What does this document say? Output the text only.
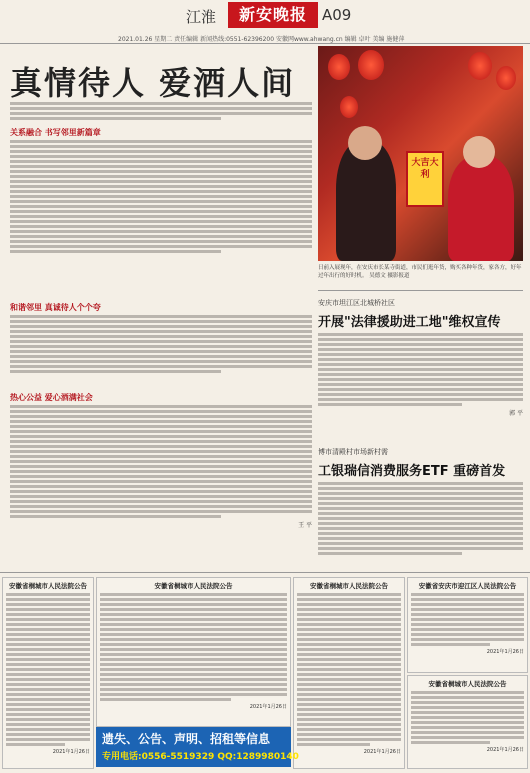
江淮	新安晚报	A09
2021.01.26 星期二 责任编辑 新闻热线:0551-62396200 安徽网www.ahwang.cn 编辑 卓叶 美编 施健萍
真情待人 爱酒人间
关系融合 书写邻里新篇章
和谐邻里 真诚待人个个夸
热心公益 爱心酒满社会
王 平
大吉大利
日前入展现年，在安庆市长某寺街道，市民们逛年货，购买各种年货，家各方，好年过年出行的好时机。 吴德文 摄影报道
安庆市坦江区北城桥社区
开展"法律援助进工地"维权宣传
郭 平
博市清殿村市场新村需
工银瑞信消费服务ETF 重磅首发
安徽省桐城市人民法院公告
2021年1月26日
安徽省桐城市人民法院公告
2021年1月26日
安徽省桐城市人民法院公告
2021年1月26日
安徽省安庆市迎江区人民法院公告
2021年1月26日
安徽省桐城市人民法院公告
2021年1月26日
遗失、公告、声明、招租等信息
专用电话:0556-5519329 QQ:1289980140
